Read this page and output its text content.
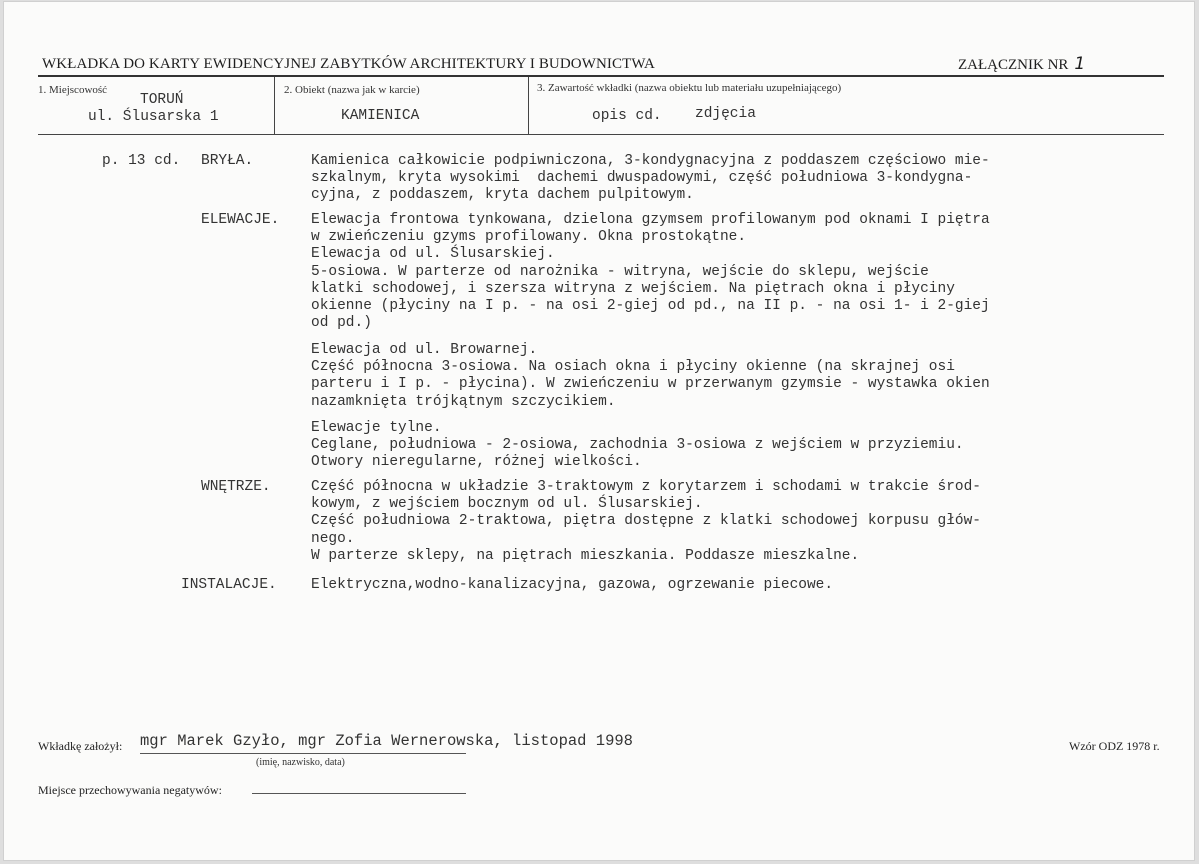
WKŁADKA DO KARTY EWIDENCYJNEJ ZABYTKÓW ARCHITEKTURY I BUDOWNICTWA	ZAŁĄCZNIK NR 1
1. Miejscowość
TORUŃ
ul. Ślusarska 1
2. Obiekt (nazwa jak w karcie)
KAMIENICA
3. Zawartość wkładki (nazwa obiektu lub materiału uzupełniającego)
opis cd. zdjęcia
p. 13 cd. BRYŁA.	Kamienica całkowicie podpiwniczona, 3-kondygnacyjna z poddaszem częściowo mie-
szkalnym, kryta wysokimi  dachemi dwuspadowymi, część południowa 3-kondygna-
cyjna, z poddaszem, kryta dachem pulpitowym.
ELEWACJE. Elewacja frontowa tynkowana, dzielona gzymsem profilowanym pod oknami I piętra
w zwieńczeniu gzyms profilowany. Okna prostokątne.
Elewacja od ul. Ślusarskiej.
5-osiowa. W parterze od narożnika - witryna, wejście do sklepu, wejście
klatki schodowej, i szersza witryna z wejściem. Na piętrach okna i płyciny
okienne (płyciny na I p. - na osi 2-giej od pd., na II p. - na osi 1- i 2-giej
od pd.)
Elewacja od ul. Browarnej.
Część północna 3-osiowa. Na osiach okna i płyciny okienne (na skrajnej osi
parteru i I p. - płycina). W zwieńczeniu w przerwanym gzymsie - wystawka okien
nazamknięta trójkątnym szczycikiem.
Elewacje tylne.
Ceglane, południowa - 2-osiowa, zachodnia 3-osiowa z wejściem w przyziemiu.
Otwory nieregularne, różnej wielkości.
WNĘTRZE.	Część północna w układzie 3-traktowym z korytarzem i schodami w trakcie środ-
kowym, z wejściem bocznym od ul. Ślusarskiej.
Część południowa 2-traktowa, piętra dostępne z klatki schodowej korpusu głów-
nego.
W parterze sklepy, na piętrach mieszkania. Poddasze mieszkalne.
INSTALACJE. Elektryczna,wodno-kanalizacyjna, gazowa, ogrzewanie piecowe.
Wkładkę założył: mgr Marek Gzyło, mgr Zofia Wernerowska, listopad 1998
(imię, nazwisko, data)
Wzór ODZ 1978 r.
Miejsce przechowywania negatywów:
